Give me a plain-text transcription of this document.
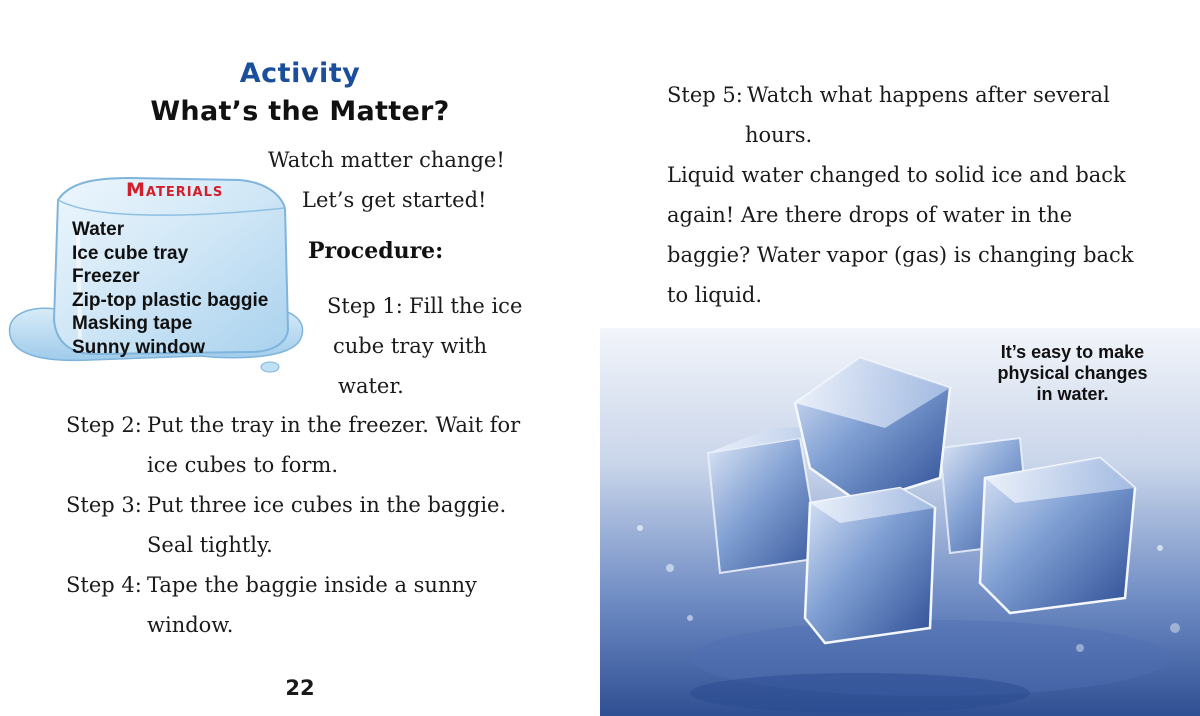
Activity
What’s the Matter?
Materials
Water
Ice cube tray
Freezer
Zip-top plastic baggie
Masking tape
Sunny window
Watch matter change!
Let’s get started!
Procedure:
Step 1: Fill the ice
cube tray with
water.
Step 2: Put the tray in the freezer. Wait for
ice cubes to form.
Step 3: Put three ice cubes in the baggie.
Seal tightly.
Step 4: Tape the baggie inside a sunny
window.
22
Step 5: Watch what happens after several
hours.
Liquid water changed to solid ice and back
again! Are there drops of water in the
baggie? Water vapor (gas) is changing back
to liquid.
It’s easy to make
physical changes
in water.
